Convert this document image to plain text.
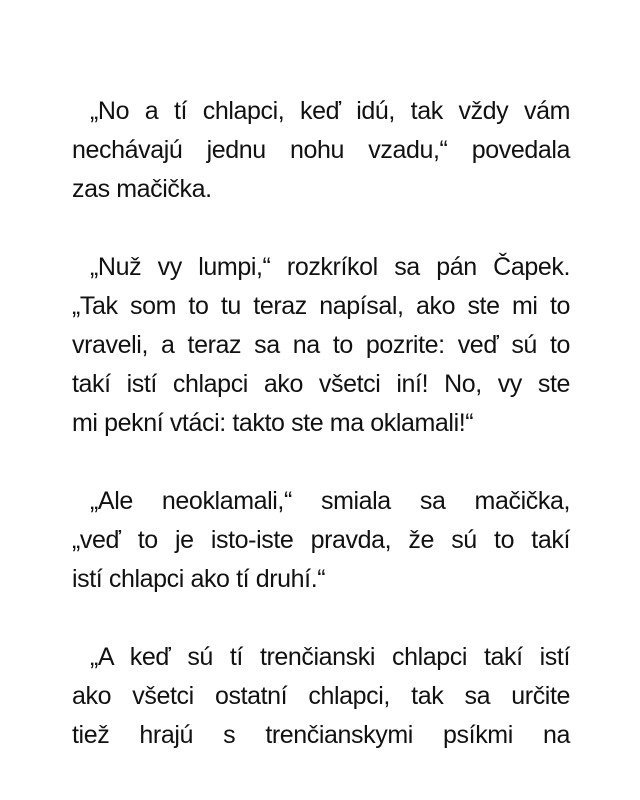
„No a tí chlapci, keď idú, tak vždy vám
nechávajú jednu nohu vzadu,“ povedala
zas mačička.
„Nuž vy lumpi,“ rozkríkol sa pán Čapek.
„Tak som to tu teraz napísal, ako ste mi to
vraveli, a teraz sa na to pozrite: veď sú to
takí istí chlapci ako všetci iní! No, vy ste
mi pekní vtáci: takto ste ma oklamali!“
„Ale neoklamali,“ smiala sa mačička,
„veď to je isto-iste pravda, že sú to takí
istí chlapci ako tí druhí.“
„A keď sú tí trenčianski chlapci takí istí
ako všetci ostatní chlapci, tak sa určite
tiež hrajú s trenčianskymi psíkmi na
